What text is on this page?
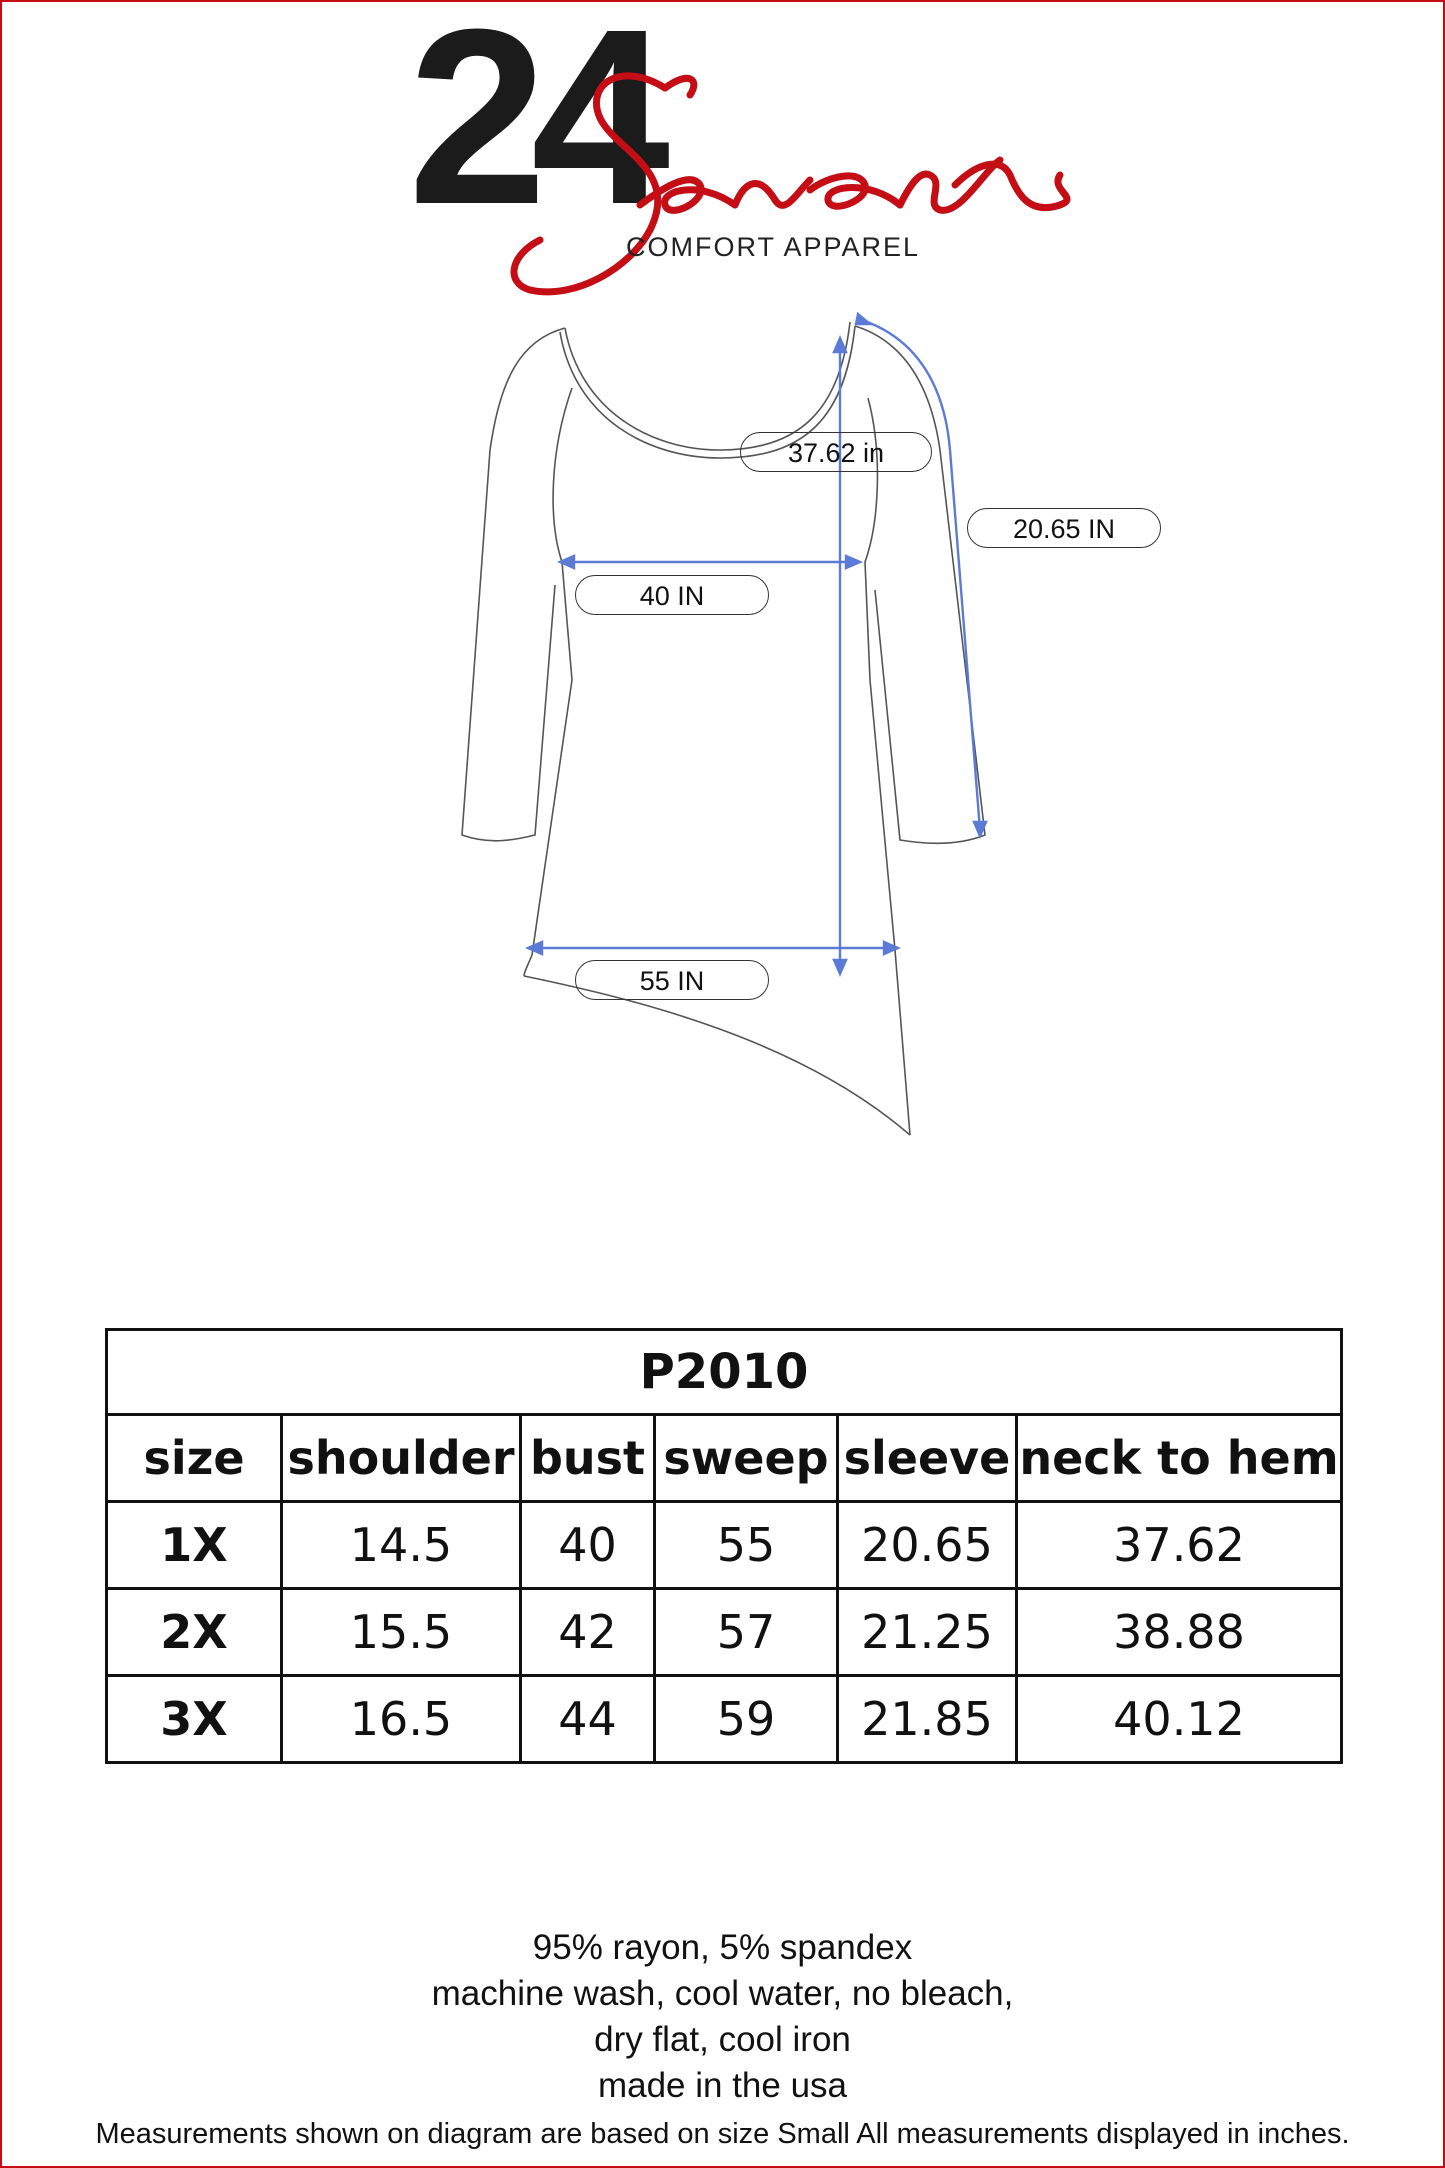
24
COMFORT APPAREL
37.62 in
20.65 IN
40 IN
55 IN
P2010					
size	shoulder	bust	sweep	sleeve	neck to hem
1X	14.5	40	55	20.65	37.62
2X	15.5	42	57	21.25	38.88
3X	16.5	44	59	21.85	40.12
95% rayon, 5% spandex
machine wash, cool water, no bleach,
dry flat, cool iron
made in the usa
Measurements shown on diagram are based on size Small All measurements displayed in inches.
